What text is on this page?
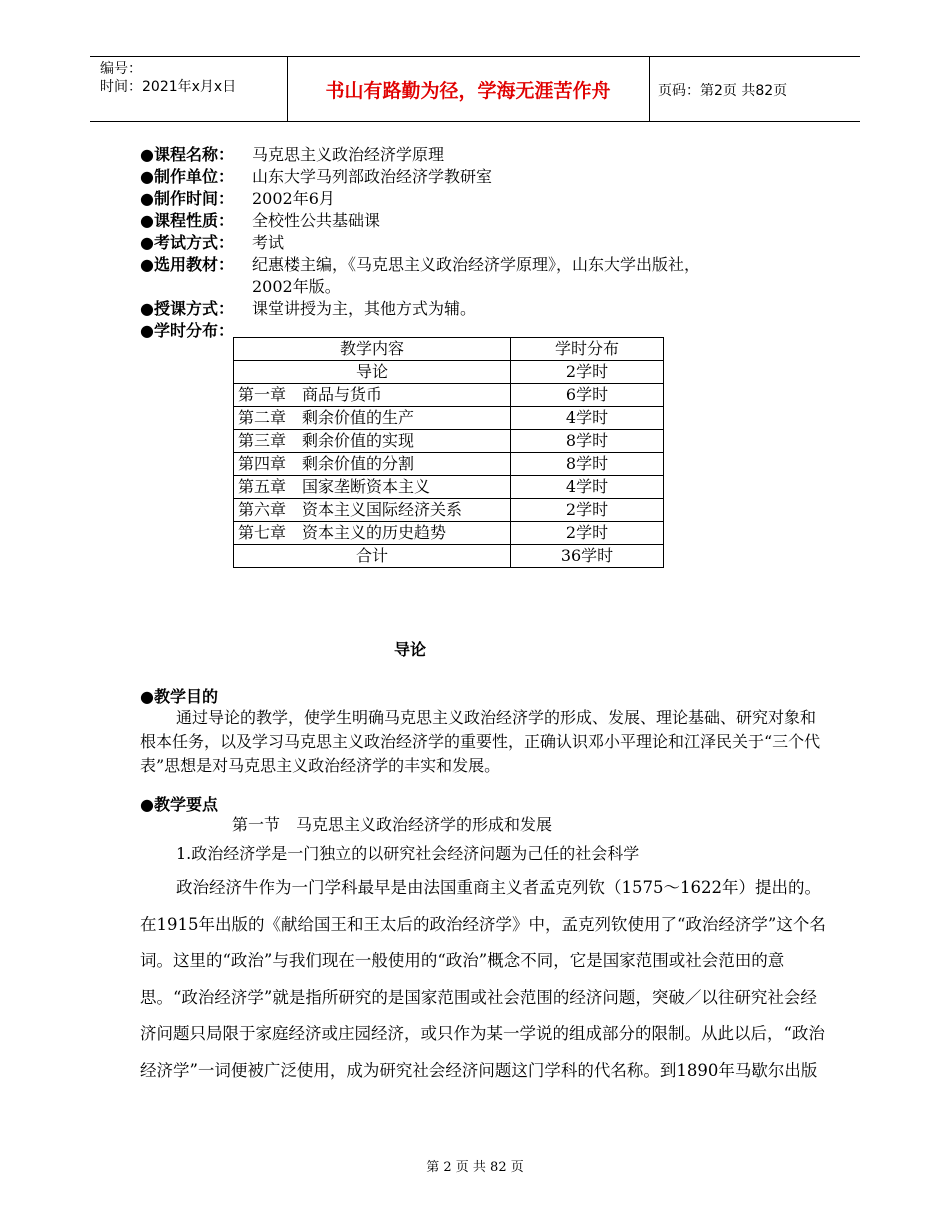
编号：
时间：2021年x月x日	书山有路勤为径，学海无涯苦作舟	页码：第2页 共82页
●课程名称：	马克思主义政治经济学原理
●制作单位：	山东大学马列部政治经济学教研室
●制作时间：	2002年6月
●课程性质：	全校性公共基础课
●考试方式：	考试
●选用教材：	纪惠楼主编，《马克思主义政治经济学原理》，山东大学出版社，
2002年版。
●授课方式：	课堂讲授为主，其他方式为辅。
●学时分布：
教学内容	学时分布
导论	2学时
第一章　商品与货币	6学时
第二章　剩余价值的生产	4学时
第三章　剩余价值的实现	8学时
第四章　剩余价值的分割	8学时
第五章　国家垄断资本主义	4学时
第六章　资本主义国际经济关系	2学时
第七章　资本主义的历史趋势	2学时
合计	36学时
导论
●教学目的

通过导论的教学，使学生明确马克思主义政治经济学的形成、发展、理论基础、研究对象和根本任务，以及学习马克思主义政治经济学的重要性，正确认识邓小平理论和江泽民关于“三个代表”思想是对马克思主义政治经济学的丰实和发展。

●教学要点
第一节　马克思主义政治经济学的形成和发展
1.政治经济学是一门独立的以研究社会经济问题为己任的社会科学

政治经济牛作为一门学科最早是由法国重商主义者孟克列钦（1575～1622年）提出的。在1915年出版的《献给国王和王太后的政治经济学》中，孟克列钦使用了“政治经济学”这个名词。这里的“政治”与我们现在一般使用的“政治”概念不同，它是国家范围或社会范田的意思。“政治经济学”就是指所研究的是国家范围或社会范围的经济问题，突破／以往研究社会经济问题只局限于家庭经济或庄园经济，或只作为某一学说的组成部分的限制。从此以后，“政治经济学”一词便被广泛使用，成为研究社会经济问题这门学科的代名称。到1890年马歇尔出版

第 2 页 共 82 页
